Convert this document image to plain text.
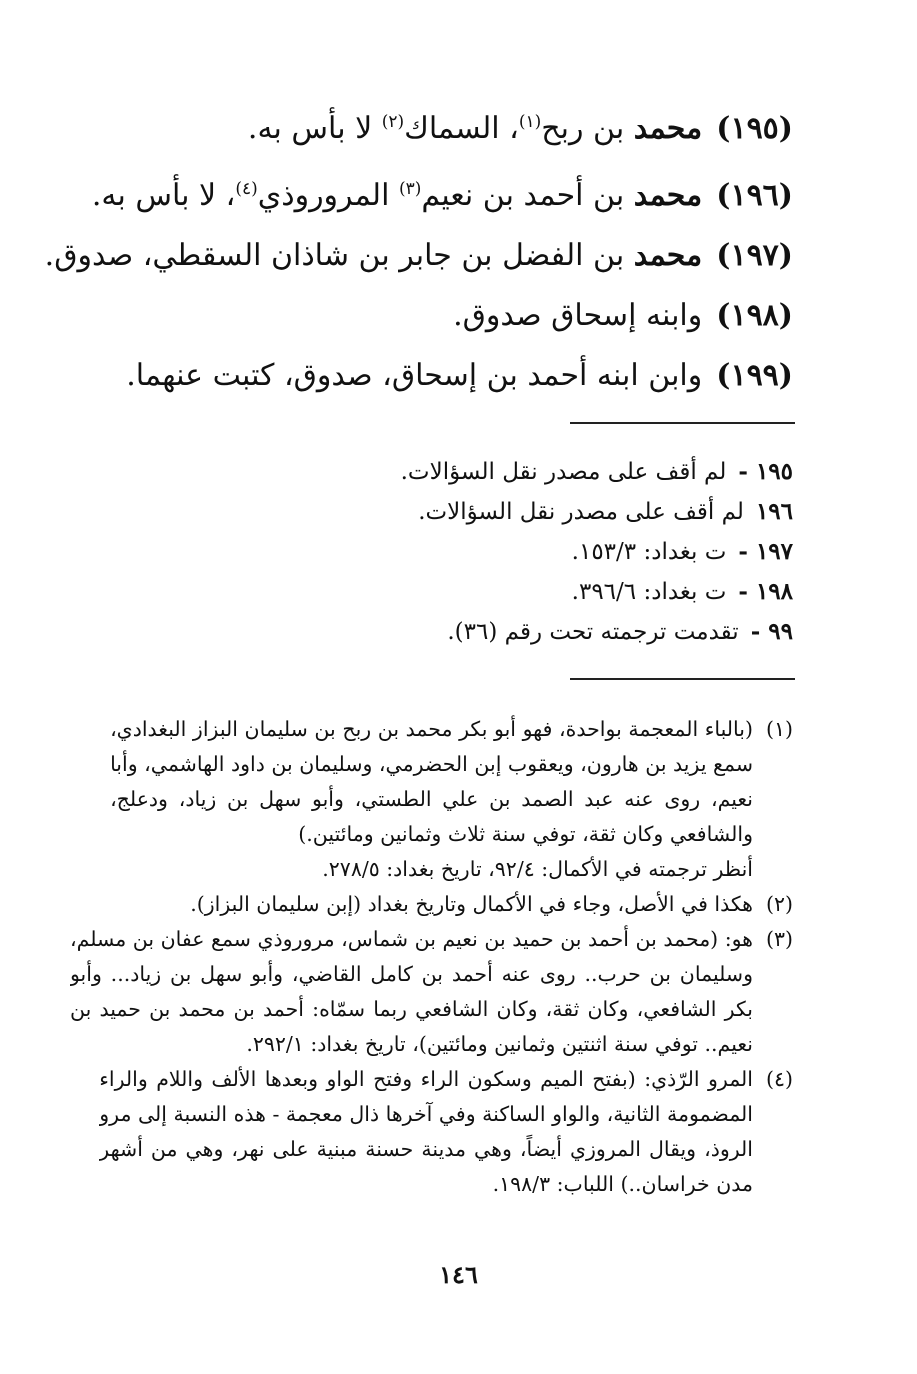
(١٩٥)محمد بن ربح$^{(١)}$، السماك$^{(٢)}$ لا بأس به.
(١٩٦)محمد بن أحمد بن نعيم$^{(٣)}$ المروروذي$^{(٤)}$، لا بأس به.
(١٩٧)محمد بن الفضل بن جابر بن شاذان السقطي، صدوق.
(١٩٨)وابنه إسحاق صدوق.
(١٩٩)وابن ابنه أحمد بن إسحاق، صدوق، كتبت عنهما.
١٩٥ -لم أقف على مصدر نقل السؤالات.
١٩٦لم أقف على مصدر نقل السؤالات.
١٩٧ -ت بغداد: ١٥٣/٣.
١٩٨ -ت بغداد: ٣٩٦/٦.
٩٩ -تقدمت ترجمته تحت رقم (٣٦).
(١)
(بالباء المعجمة بواحدة، فهو أبو بكر محمد بن ربح بن سليمان البزاز البغدادي،
سمع يزيد بن هارون، ويعقوب إبن الحضرمي، وسليمان بن داود الهاشمي، وأبا
نعيم، روى عنه عبد الصمد بن علي الطستي، وأبو سهل بن زياد، ودعلج،
والشافعي وكان ثقة، توفي سنة ثلاث وثمانين ومائتين.)
أنظر ترجمته في الأكمال: ٩٢/٤، تاريخ بغداد: ٢٧٨/٥.
(٢)
هكذا في الأصل، وجاء في الأكمال وتاريخ بغداد (إبن سليمان البزاز).
(٣)
هو: (محمد بن أحمد بن حميد بن نعيم بن شماس، مروروذي سمع عفان بن مسلم،
وسليمان بن حرب.. روى عنه أحمد بن كامل القاضي، وأبو سهل بن زياد... وأبو
بكر الشافعي، وكان ثقة، وكان الشافعي ربما سمّاه: أحمد بن محمد بن حميد بن
نعيم.. توفي سنة اثنتين وثمانين ومائتين)، تاريخ بغداد: ٢٩٢/١.
(٤)
المرو الرّذي: (بفتح الميم وسكون الراء وفتح الواو وبعدها الألف واللام والراء
المضمومة الثانية، والواو الساكنة وفي آخرها ذال معجمة - هذه النسبة إلى مرو
الروذ، ويقال المروزي أيضاً، وهي مدينة حسنة مبنية على نهر، وهي من أشهر
مدن خراسان..) اللباب: ١٩٨/٣.
١٤٦
